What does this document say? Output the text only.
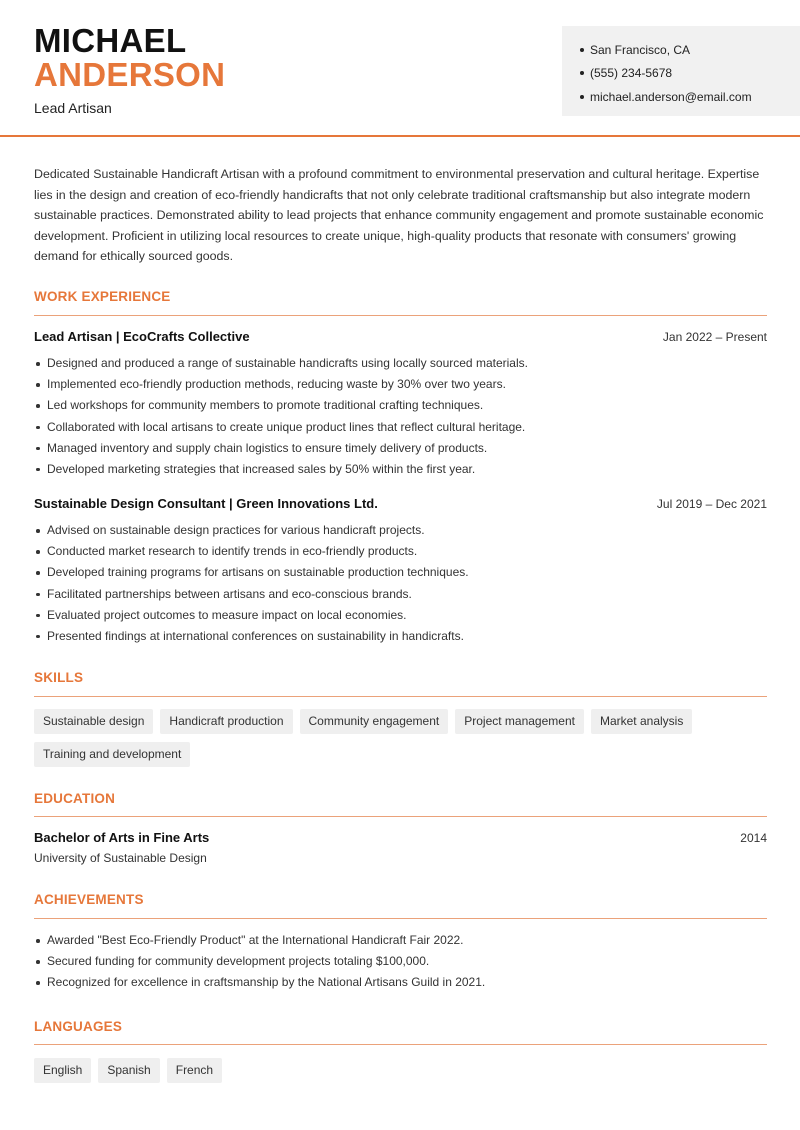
MICHAEL
ANDERSON
Lead Artisan
San Francisco, CA
(555) 234-5678
michael.anderson@email.com

Dedicated Sustainable Handicraft Artisan with a profound commitment to environmental preservation and cultural heritage. Expertise lies in the design and creation of eco-friendly handicrafts that not only celebrate traditional craftsmanship but also integrate modern sustainable practices. Demonstrated ability to lead projects that enhance community engagement and promote sustainable economic development. Proficient in utilizing local resources to create unique, high-quality products that resonate with consumers' growing demand for ethically sourced goods.

WORK EXPERIENCE
Lead Artisan | EcoCrafts Collective	Jan 2022 – Present
Designed and produced a range of sustainable handicrafts using locally sourced materials.
Implemented eco-friendly production methods, reducing waste by 30% over two years.
Led workshops for community members to promote traditional crafting techniques.
Collaborated with local artisans to create unique product lines that reflect cultural heritage.
Managed inventory and supply chain logistics to ensure timely delivery of products.
Developed marketing strategies that increased sales by 50% within the first year.
Sustainable Design Consultant | Green Innovations Ltd.	Jul 2019 – Dec 2021
Advised on sustainable design practices for various handicraft projects.
Conducted market research to identify trends in eco-friendly products.
Developed training programs for artisans on sustainable production techniques.
Facilitated partnerships between artisans and eco-conscious brands.
Evaluated project outcomes to measure impact on local economies.
Presented findings at international conferences on sustainability in handicrafts.
SKILLS
Sustainable design	Handicraft production	Community engagement	Project management	Market analysis
Training and development
EDUCATION
Bachelor of Arts in Fine Arts	2014
University of Sustainable Design
ACHIEVEMENTS
Awarded "Best Eco-Friendly Product" at the International Handicraft Fair 2022.
Secured funding for community development projects totaling $100,000.
Recognized for excellence in craftsmanship by the National Artisans Guild in 2021.
LANGUAGES
English	Spanish	French
